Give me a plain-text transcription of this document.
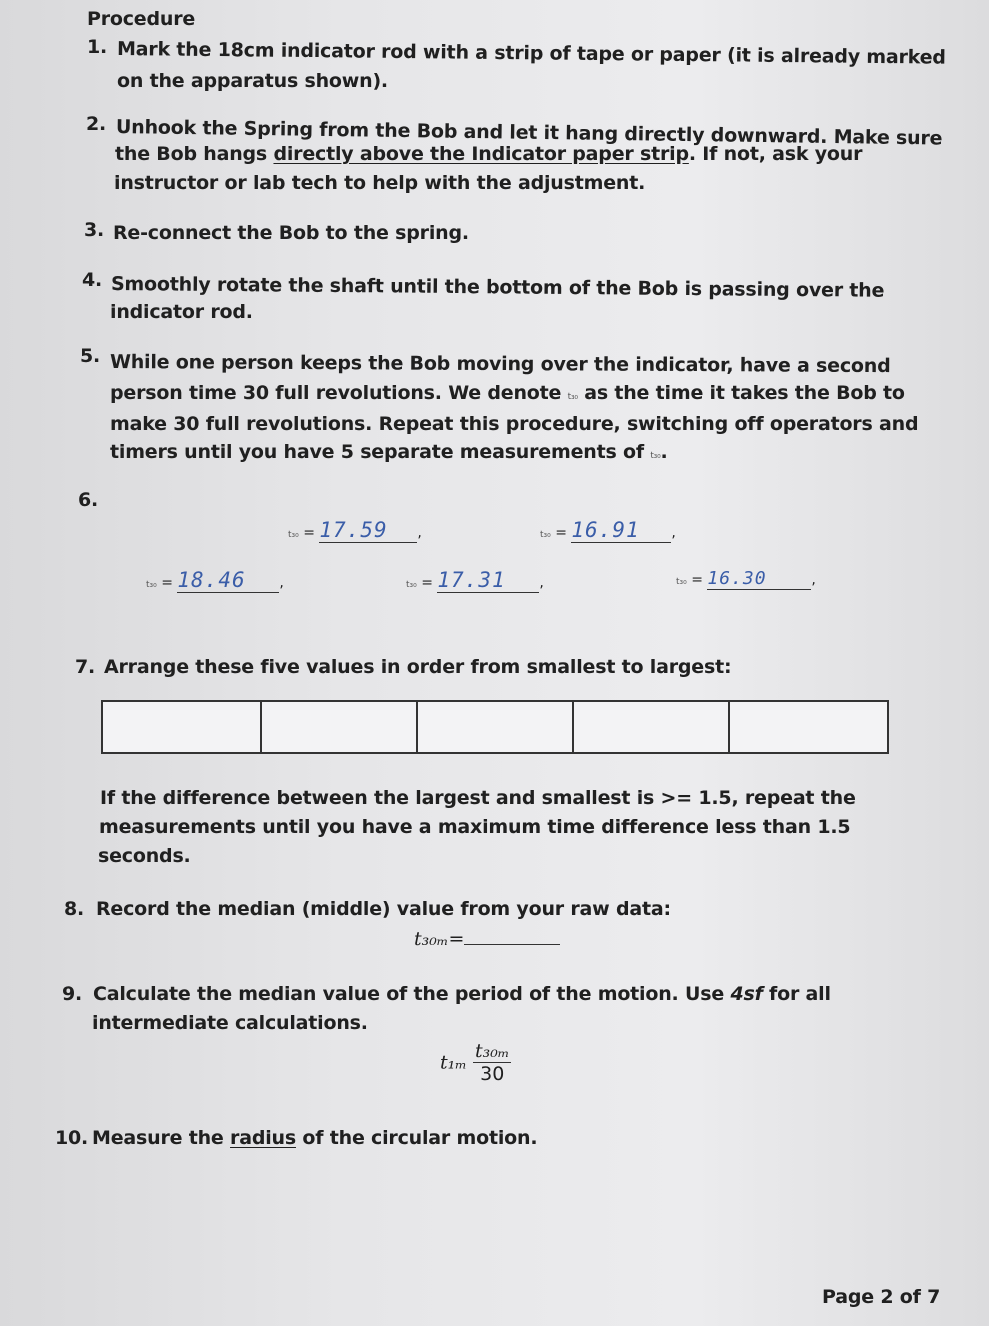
Procedure
1. Mark the 18cm indicator rod with a strip of tape or paper (it is already marked
on the apparatus shown).
2. Unhook the Spring from the Bob and let it hang directly downward. Make sure
the Bob hangs directly above the Indicator paper strip. If not, ask your
instructor or lab tech to help with the adjustment.
3. Re-connect the Bob to the spring.
4. Smoothly rotate the shaft until the bottom of the Bob is passing over the
indicator rod.
5. While one person keeps the Bob moving over the indicator, have a second
person time 30 full revolutions. We denote t₃₀ as the time it takes the Bob to
make 30 full revolutions. Repeat this procedure, switching off operators and
timers until you have 5 separate measurements of t₃₀.
6.
t₃₀ = 17.59 ,	t₃₀ = 16.91 ,
t₃₀ = 18.46 ,	t₃₀ = 17.31 ,	t₃₀ = 16.30	,
7. Arrange these five values in order from smallest to largest:
If the difference between the largest and smallest is >= 1.5, repeat the
measurements until you have a maximum time difference less than 1.5
seconds.
8. Record the median (middle) value from your raw data:
t₃₀ₘ=
9. Calculate the median value of the period of the motion. Use 4sf for all
intermediate calculations.
$t_{1m} \frac{\text{t₃₀ₘ}}{30}$
10. Measure the radius of the circular motion.
Page 2 of 7
